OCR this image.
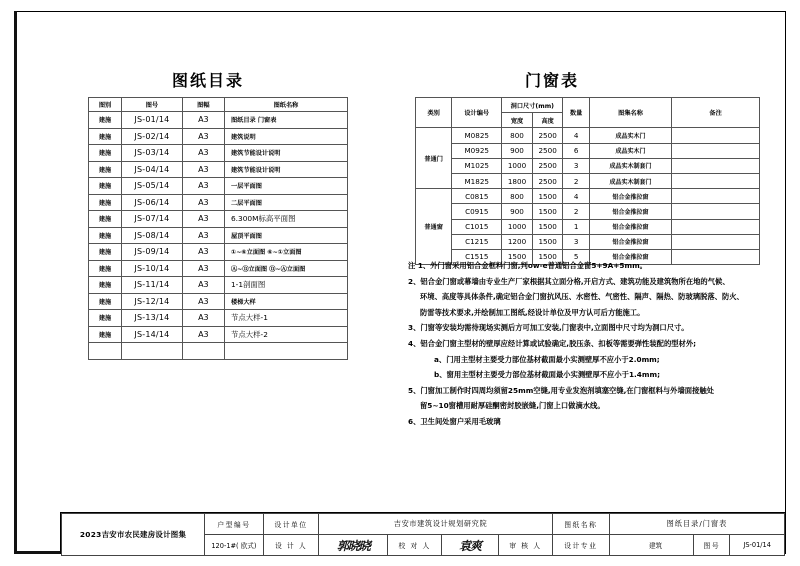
图纸目录
图别	图号	图幅	图纸名称
建施	JS-01/14	A3	图纸目录 门窗表
建施	JS-02/14	A3	建筑说明
建施	JS-03/14	A3	建筑节能设计说明
建施	JS-04/14	A3	建筑节能设计说明
建施	JS-05/14	A3	一层平面图
建施	JS-06/14	A3	二层平面图
建施	JS-07/14	A3	6.300M标高平面图
建施	JS-08/14	A3	屋顶平面图
建施	JS-09/14	A3	①~⑥立面图 ⑥~①立面图
建施	JS-10/14	A3	Ⓐ~Ⓓ立面图 Ⓓ~Ⓐ立面图
建施	JS-11/14	A3	1-1剖面图
建施	JS-12/14	A3	楼梯大样
建施	JS-13/14	A3	节点大样-1
建施	JS-14/14	A3	节点大样-2

门窗表
类别	设计编号	洞口尺寸(mm)		数量	图集名称	备注
		宽度	高度			
普通门	M0825	800	2500	4	成品实木门	
	M0925	900	2500	6	成品实木门	
	M1025	1000	2500	3	成品实木制套门	
	M1825	1800	2500	2	成品实木制套门	
普通窗	C0815	800	1500	4	铝合金推拉窗	
	C0915	900	1500	2	铝合金推拉窗	
	C1015	1000	1500	1	铝合金推拉窗	
	C1215	1200	1500	3	铝合金推拉窗	
	C1515	1500	1500	5	铝合金推拉窗	
注 1、外门窗采用铝合金框料门窗,判ow-e普通铝合金窗5+9A+5mm。
2、铝合金门窗或幕墙由专业生产厂家根据其立面分格,开启方式、建筑功能及建筑物所在地的气候、
环境、高度等具体条件,确定铝合金门窗抗风压、水密性、气密性、隔声、隔热、防玻璃脱落、防火、
防雷等技术要求,并绘制加工图纸,经设计单位及甲方认可后方能施工。
3、门窗等安装均需待现场实测后方可加工安装,门窗表中,立面图中尺寸均为洞口尺寸。
4、铝合金门窗主型材的壁厚应经计算或试验确定,胶压条、扣板等需要弹性装配的型材外;
a、门用主型材主要受力部位基材截面最小实测壁厚不应小于2.0mm;
b、窗用主型材主要受力部位基材截面最小实测壁厚不应小于1.4mm;
5、门窗加工制作时四周均须留25mm空缝,用专业发泡剂填塞空缝,在门窗框料与外墙面接触处
留5~10窗槽用耐厚硅酮密封胶嵌缝,门窗上口做滴水线。
6、卫生间处窗户采用毛玻璃
2023吉安市农民建房设计图集	户型编号	设计单位	吉安市建筑设计规划研究院				图纸名称	图纸目录/门窗表		
	120-1#( 欧式)	设 计 人	郭晓晓	校 对 人	袁爽	审 核 人	设计专业	建筑	图号	JS-01/14
